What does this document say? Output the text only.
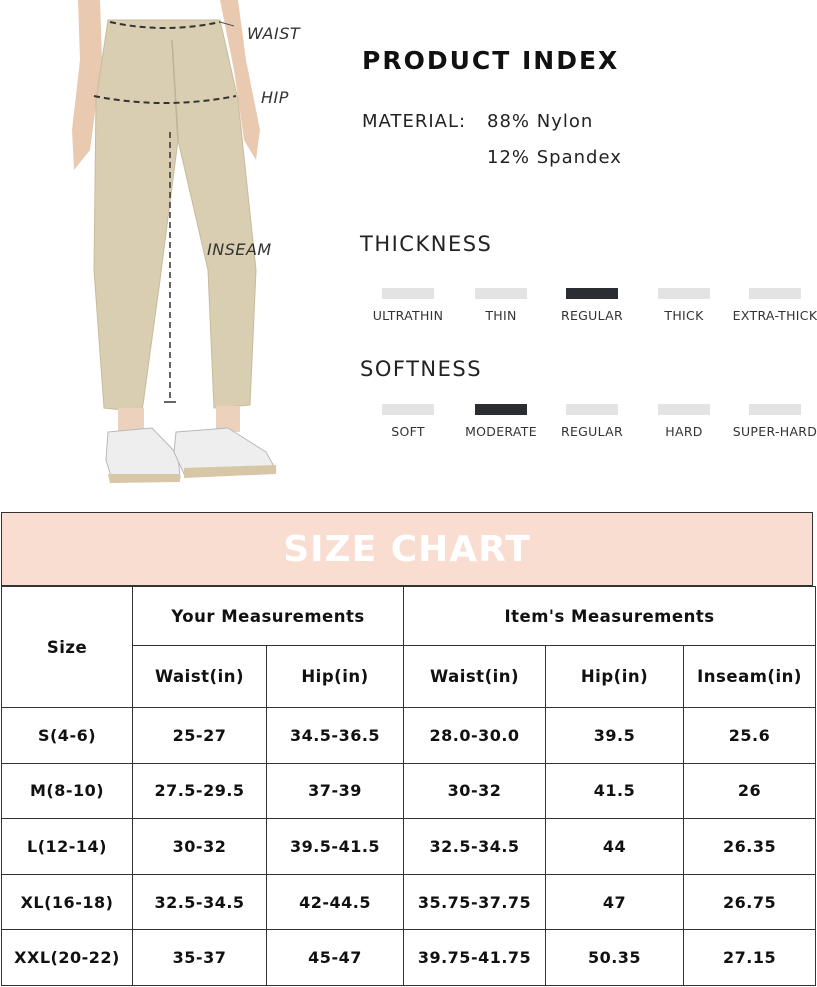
WAIST
HIP
INSEAM
PRODUCT INDEX
MATERIAL: 88% Nylon
12% Spandex
THICKNESS
ULTRATHIN	THIN	REGULAR	THICK	EXTRA-THICK
SOFTNESS
SOFT	MODERATE	REGULAR	HARD	SUPER-HARD
SIZE CHART
Size	Your Measurements		Item's Measurements		
	Waist(in)	Hip(in)	Waist(in)	Hip(in)	Inseam(in)
S(4-6)	25-27	34.5-36.5	28.0-30.0	39.5	25.6
M(8-10)	27.5-29.5	37-39	30-32	41.5	26
L(12-14)	30-32	39.5-41.5	32.5-34.5	44	26.35
XL(16-18)	32.5-34.5	42-44.5	35.75-37.75	47	26.75
XXL(20-22)	35-37	45-47	39.75-41.75	50.35	27.15
